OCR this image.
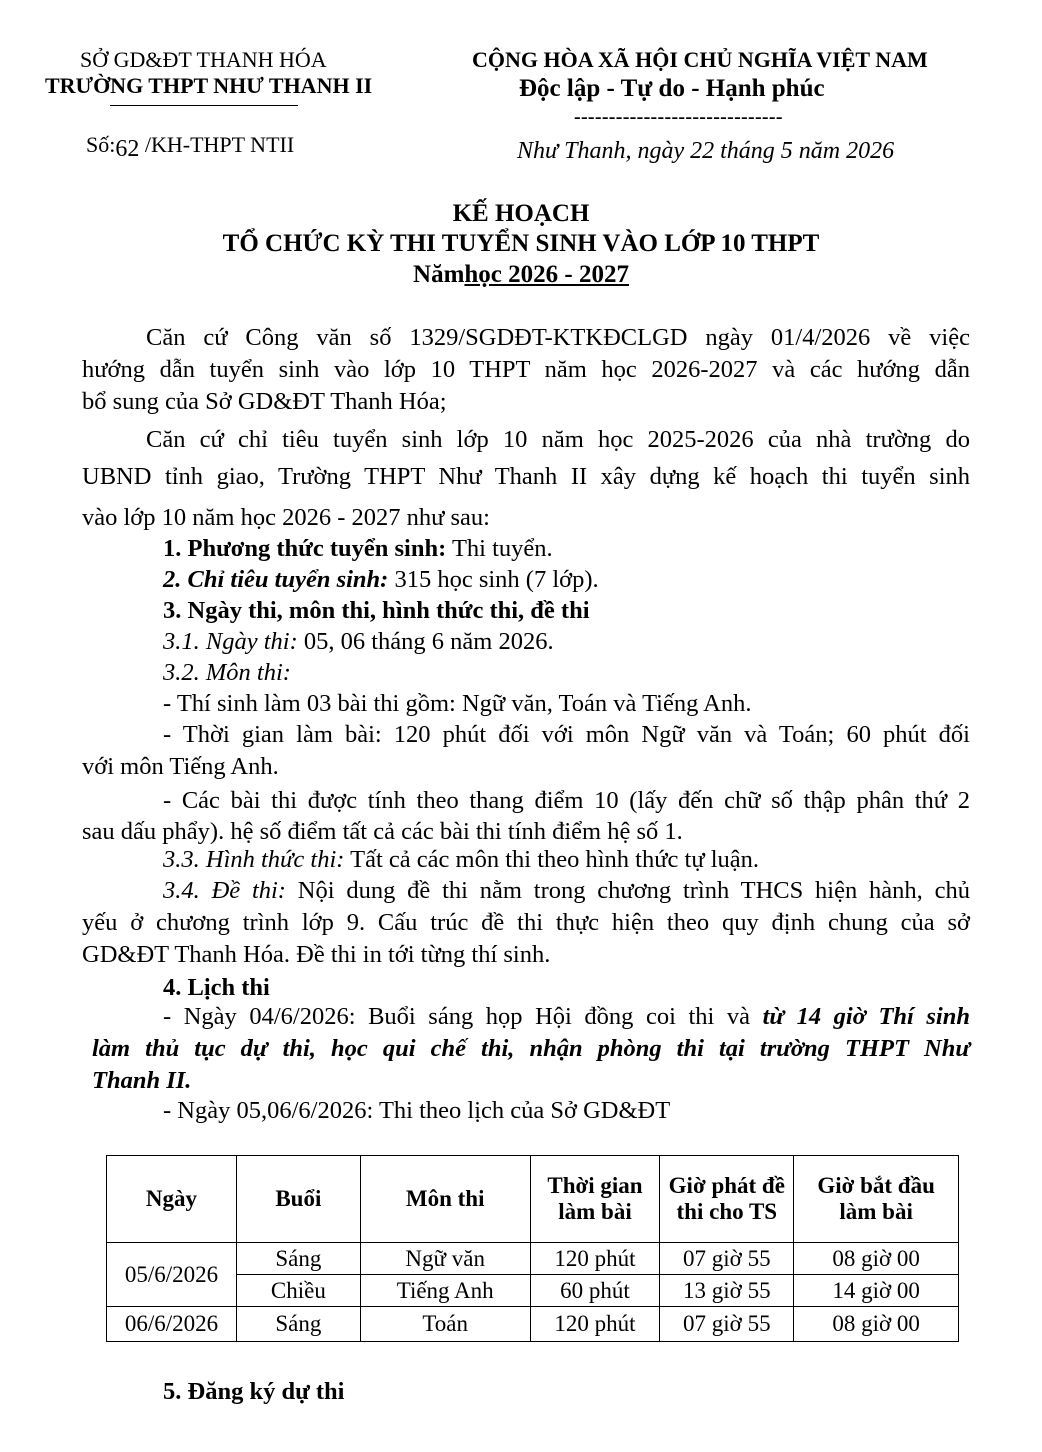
SỞ GD&ĐT THANH HÓA
TRƯỜNG THPT NHƯ THANH II
Số:62 /KH-THPT NTII
CỘNG HÒA XÃ HỘI CHỦ NGHĨA VIỆT NAM
Độc lập - Tự do - Hạnh phúc
------------------------------
Như Thanh, ngày 22 tháng 5 năm 2026
KẾ HOẠCH
TỔ CHỨC KỲ THI TUYỂN SINH VÀO LỚP 10 THPT
Nămhọc 2026 - 2027
Căn cứ Công văn số 1329/SGDĐT-KTKĐCLGD ngày 01/4/2026 về việc
hướng dẫn tuyển sinh vào lớp 10 THPT năm học 2026-2027 và các hướng dẫn
bổ sung của Sở GD&ĐT Thanh Hóa;
Căn cứ chỉ tiêu tuyển sinh lớp 10 năm học 2025-2026 của nhà trường do
UBND tỉnh giao, Trường THPT Như Thanh II xây dựng kế hoạch thi tuyển sinh
vào lớp 10 năm học 2026 - 2027 như sau:
1. Phương thức tuyển sinh: Thi tuyển.
2. Chỉ tiêu tuyển sinh: 315 học sinh (7 lớp).
3. Ngày thi, môn thi, hình thức thi, đề thi
3.1. Ngày thi: 05, 06 tháng 6 năm 2026.
3.2. Môn thi:
- Thí sinh làm 03 bài thi gồm: Ngữ văn, Toán và Tiếng Anh.
- Thời gian làm bài: 120 phút đối với môn Ngữ văn và Toán; 60 phút đối
với môn Tiếng Anh.
- Các bài thi được tính theo thang điểm 10 (lấy đến chữ số thập phân thứ 2
sau dấu phẩy). hệ số điểm tất cả các bài thi tính điểm hệ số 1.
3.3. Hình thức thi: Tất cả các môn thi theo hình thức tự luận.
3.4. Đề thi: Nội dung đề thi nằm trong chương trình THCS hiện hành, chủ
yếu ở chương trình lớp 9. Cấu trúc đề thi thực hiện theo quy định chung của sở
GD&ĐT Thanh Hóa. Đề thi in tới từng thí sinh.
4. Lịch thi
- Ngày 04/6/2026: Buổi sáng họp Hội đồng coi thi và từ 14 giờ Thí sinh
làm thủ tục dự thi, học qui chế thi, nhận phòng thi tại trường THPT Như
Thanh II.
- Ngày 05,06/6/2026: Thi theo lịch của Sở GD&ĐT
Ngày	Buổi	Môn thi	Thời gian làm bài	Giờ phát đề thi cho TS	Giờ bắt đầu làm bài
05/6/2026	Sáng	Ngữ văn	120 phút	07 giờ 55	08 giờ 00
	Chiều	Tiếng Anh	60 phút	13 giờ 55	14 giờ 00
06/6/2026	Sáng	Toán	120 phút	07 giờ 55	08 giờ 00
5. Đăng ký dự thi
